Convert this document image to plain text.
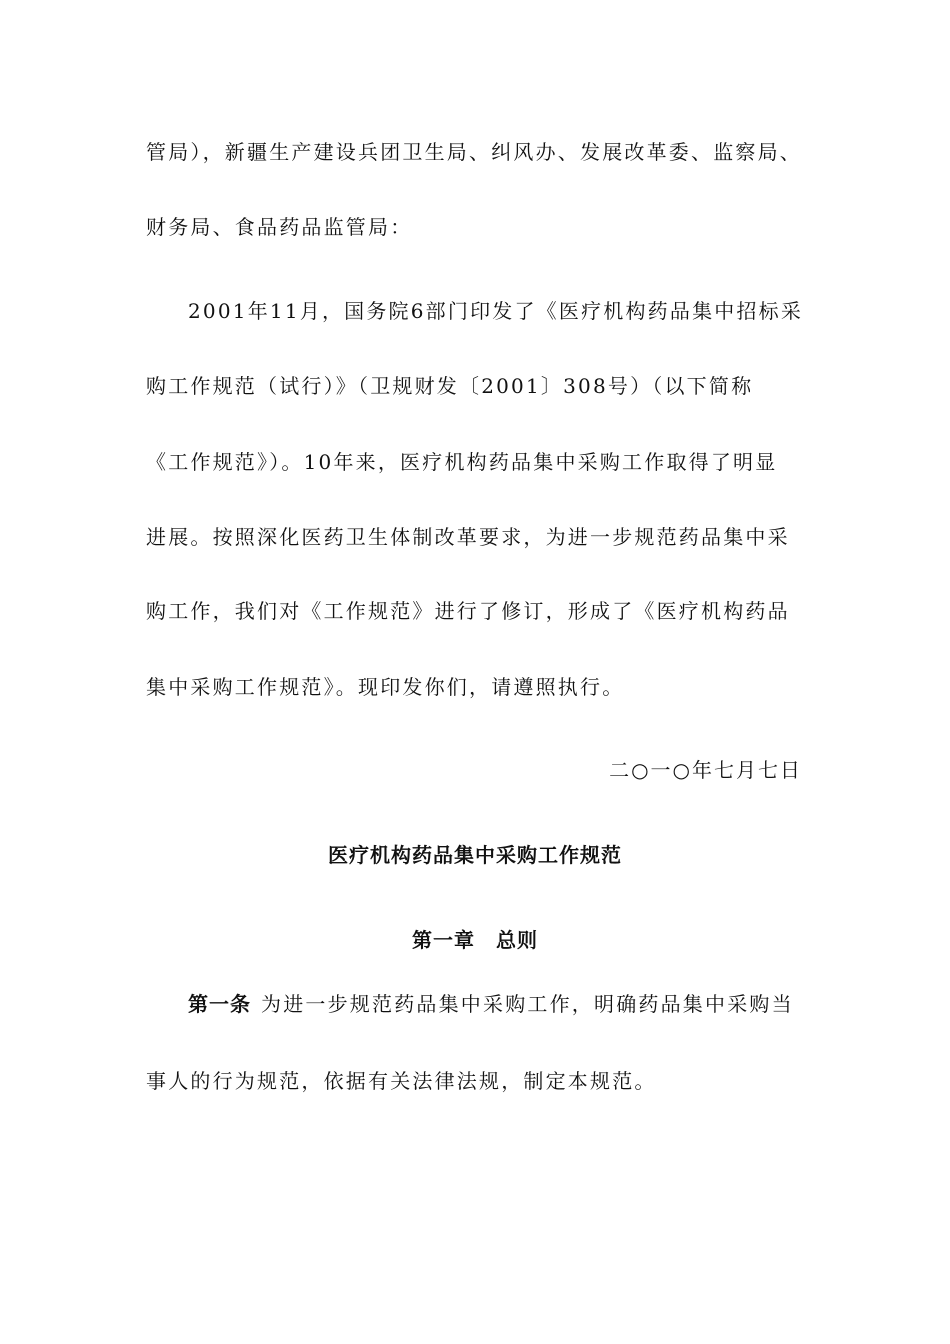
管局），新疆生产建设兵团卫生局、纠风办、发展改革委、监察局、
财务局、食品药品监管局：
2001年11月，国务院6部门印发了《医疗机构药品集中招标采
购工作规范（试行）》（卫规财发〔2001〕308号）（以下简称
《工作规范》）。10年来，医疗机构药品集中采购工作取得了明显
进展。按照深化医药卫生体制改革要求，为进一步规范药品集中采
购工作，我们对《工作规范》进行了修订，形成了《医疗机构药品
集中采购工作规范》。现印发你们，请遵照执行。
二○一○年七月七日
医疗机构药品集中采购工作规范
第一章　总则
第一条 为进一步规范药品集中采购工作，明确药品集中采购当
事人的行为规范，依据有关法律法规，制定本规范。
